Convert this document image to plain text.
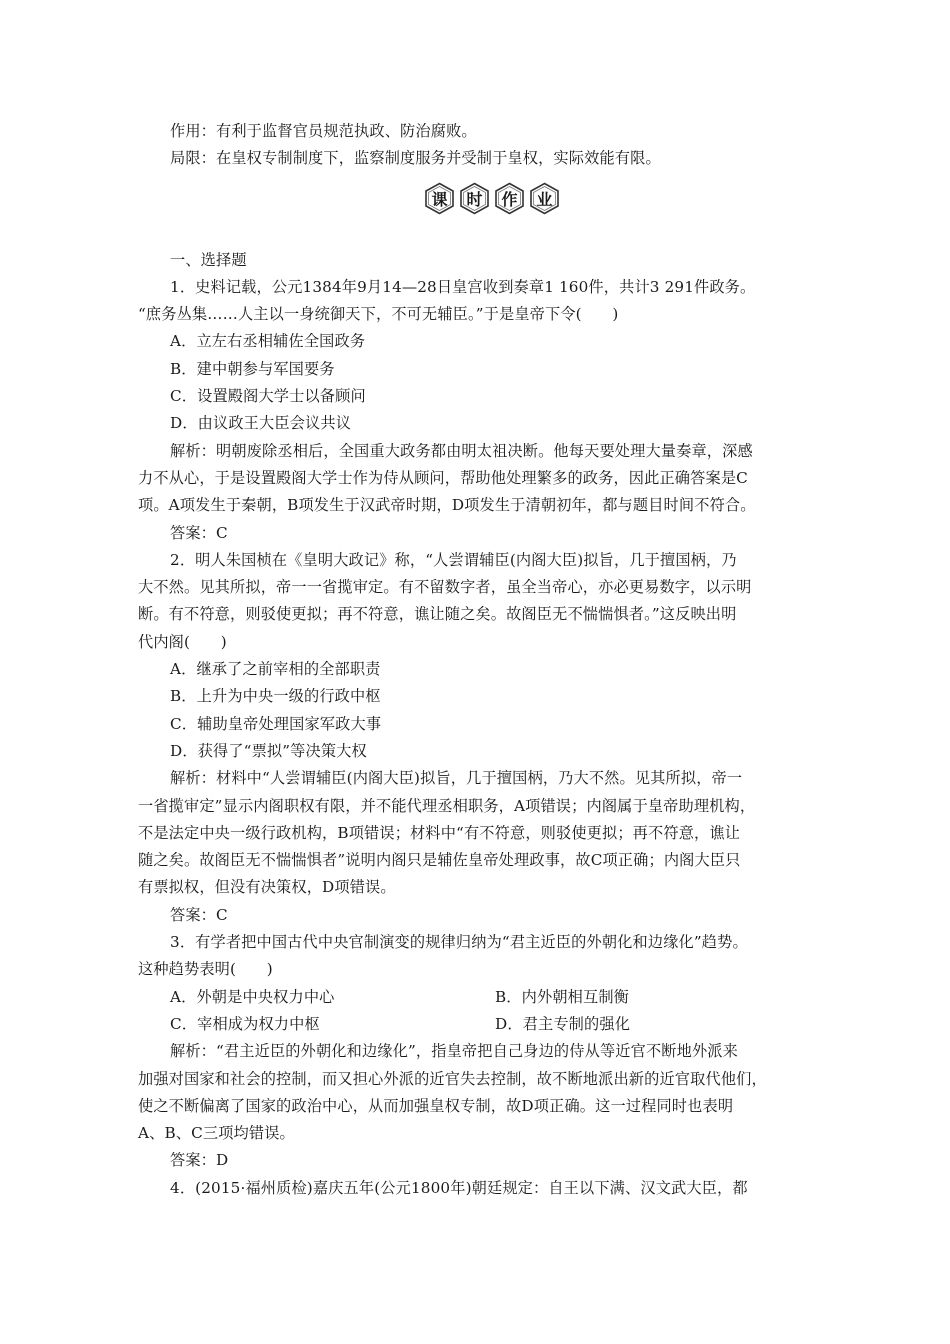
作用：有利于监督官员规范执政、防治腐败。
局限：在皇权专制制度下，监察制度服务并受制于皇权，实际效能有限。
课 时 作 业
一、选择题
1．史料记载，公元1384年9月14—28日皇宫收到奏章1 160件，共计3 291件政务。
“庶务丛集……人主以一身统御天下，不可无辅臣。”于是皇帝下令(　　)
A．立左右丞相辅佐全国政务
B．建中朝参与军国要务
C．设置殿阁大学士以备顾问
D．由议政王大臣会议共议
解析：明朝废除丞相后，全国重大政务都由明太祖决断。他每天要处理大量奏章，深感
力不从心，于是设置殿阁大学士作为侍从顾问，帮助他处理繁多的政务，因此正确答案是C
项。A项发生于秦朝，B项发生于汉武帝时期，D项发生于清朝初年，都与题目时间不符合。
答案：C
2．明人朱国桢在《皇明大政记》称，“人尝谓辅臣(内阁大臣)拟旨，几于擅国柄，乃
大不然。见其所拟，帝一一省揽审定。有不留数字者，虽全当帝心，亦必更易数字，以示明
断。有不符意，则驳使更拟；再不符意，谯让随之矣。故阁臣无不惴惴惧者。”这反映出明
代内阁(　　)
A．继承了之前宰相的全部职责
B．上升为中央一级的行政中枢
C．辅助皇帝处理国家军政大事
D．获得了“票拟”等决策大权
解析：材料中“人尝谓辅臣(内阁大臣)拟旨，几于擅国柄，乃大不然。见其所拟，帝一
一省揽审定”显示内阁职权有限，并不能代理丞相职务，A项错误；内阁属于皇帝助理机构，
不是法定中央一级行政机构，B项错误；材料中“有不符意，则驳使更拟；再不符意，谯让
随之矣。故阁臣无不惴惴惧者”说明内阁只是辅佐皇帝处理政事，故C项正确；内阁大臣只
有票拟权，但没有决策权，D项错误。
答案：C
3．有学者把中国古代中央官制演变的规律归纳为“君主近臣的外朝化和边缘化”趋势。
这种趋势表明(　　)
A．外朝是中央权力中心	B．内外朝相互制衡
C．宰相成为权力中枢	D．君主专制的强化
解析：“君主近臣的外朝化和边缘化”，指皇帝把自己身边的侍从等近官不断地外派来
加强对国家和社会的控制，而又担心外派的近官失去控制，故不断地派出新的近官取代他们，
使之不断偏离了国家的政治中心，从而加强皇权专制，故D项正确。这一过程同时也表明
A、B、C三项均错误。
答案：D
4．(2015·福州质检)嘉庆五年(公元1800年)朝廷规定：自王以下满、汉文武大臣，都
